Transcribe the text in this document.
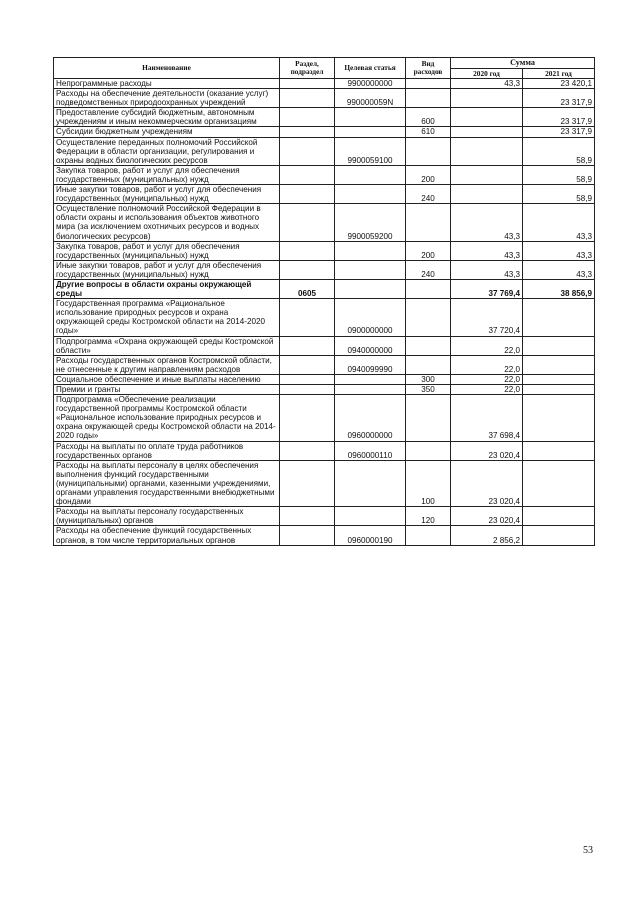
Наименование	Раздел, подраздел	Целевая статья	Вид расходов	Сумма	
				2020 год	2021 год
Непрограммные расходы		9900000000		43,3	23 420,1
Расходы на обеспечение деятельности (оказание услуг) подведомственных природоохранных учреждений		990000059N			23 317,9
Предоставление субсидий бюджетным, автономным учреждениям и иным некоммерческим организациям			600		23 317,9
Субсидии бюджетным учреждениям			610		23 317,9
Осуществление переданных полномочий Российской Федерации в области организации, регулирования и охраны водных биологических ресурсов		9900059100			58,9
Закупка товаров, работ и услуг для обеспечения государственных (муниципальных) нужд			200		58,9
Иные закупки товаров, работ и услуг для обеспечения государственных (муниципальных) нужд			240		58,9
Осуществление полномочий Российской Федерации в области охраны и использования объектов животного мира (за исключением охотничьих ресурсов и водных биологических ресурсов)		9900059200		43,3	43,3
Закупка товаров, работ и услуг для обеспечения государственных (муниципальных) нужд			200	43,3	43,3
Иные закупки товаров, работ и услуг для обеспечения государственных (муниципальных) нужд			240	43,3	43,3
Другие вопросы в области охраны окружающей среды	0605			37 769,4	38 856,9
Государственная программа «Рациональное использование природных ресурсов и охрана окружающей среды Костромской области на 2014-2020 годы»		0900000000		37 720,4	
Подпрограмма «Охрана окружающей среды Костромской области»		0940000000		22,0	
Расходы государственных органов Костромской области, не отнесенные к другим направлениям расходов		0940099990		22,0	
Социальное обеспечение и иные выплаты населению			300	22,0	
Премии и гранты			350	22,0	
Подпрограмма «Обеспечение реализации государственной программы Костромской области «Рациональное использование природных ресурсов и охрана окружающей среды Костромской области на 2014-2020 годы»		0960000000		37 698,4	
Расходы на выплаты по оплате труда работников государственных органов		0960000110		23 020,4	
Расходы на выплаты персоналу в целях обеспечения выполнения функций государственными (муниципальными) органами, казенными учреждениями, органами управления государственными внебюджетными фондами			100	23 020,4	
Расходы на выплаты персоналу государственных (муниципальных) органов			120	23 020,4	
Расходы на обеспечение функций государственных органов, в том числе территориальных органов		0960000190		2 856,2	
53
